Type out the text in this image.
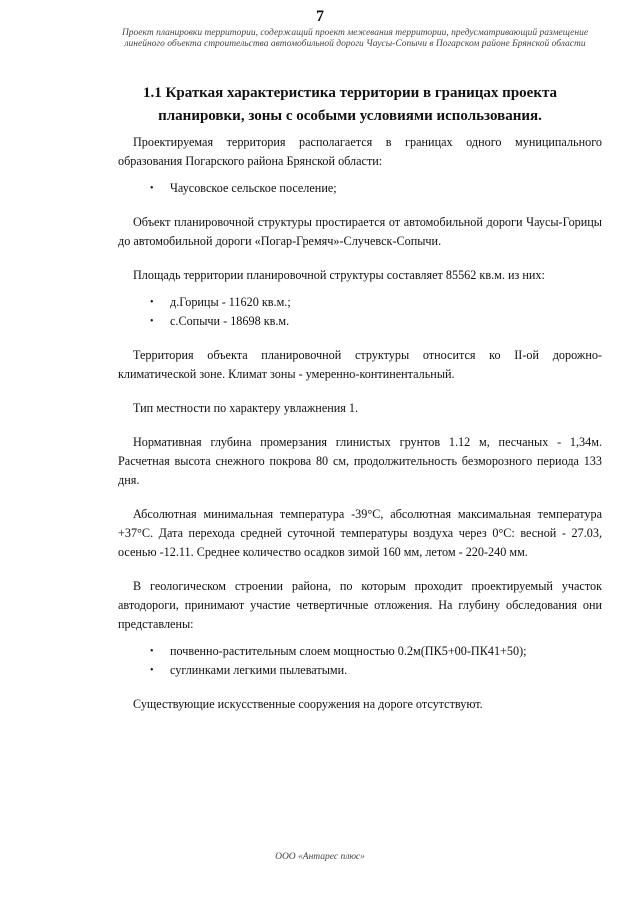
7
Проект планировки территории, содержащий проект межевания территории, предусматривающий размещение линейного объекта строительства автомобильной дороги Чаусы-Сопычи в Погарском районе Брянской области
1.1 Краткая характеристика территории в границах проекта планировки, зоны с особыми условиями использования.

Проектируемая территория располагается в границах одного муниципального образования Погарского района Брянской области:

• Чаусовское сельское поселение;

Объект планировочной структуры простирается от автомобильной дороги Чаусы-Горицы до автомобильной дороги «Погар-Гремяч»-Случевск-Сопычи.

Площадь территории планировочной структуры составляет 85562 кв.м. из них:

• д.Горицы - 11620 кв.м.;
• с.Сопычи - 18698 кв.м.

Территория объекта планировочной структуры относится ко II-ой дорожно-климатической зоне. Климат зоны - умеренно-континентальный.

Тип местности по характеру увлажнения 1.

Нормативная глубина промерзания глинистых грунтов 1.12 м, песчаных - 1,34м. Расчетная высота снежного покрова 80 см, продолжительность безморозного периода 133 дня.

Абсолютная минимальная температура -39°С, абсолютная максимальная температура +37°С. Дата перехода средней суточной температуры воздуха через 0°С: весной - 27.03, осенью -12.11. Среднее количество осадков зимой 160 мм, летом - 220-240 мм.

В геологическом строении района, по которым проходит проектируемый участок автодороги, принимают участие четвертичные отложения. На глубину обследования они представлены:

• почвенно-растительным слоем мощностью 0.2м(ПК5+00-ПК41+50);
• суглинками легкими пылеватыми.

Существующие искусственные сооружения на дороге отсутствуют.

ООО «Антарес плюс»
